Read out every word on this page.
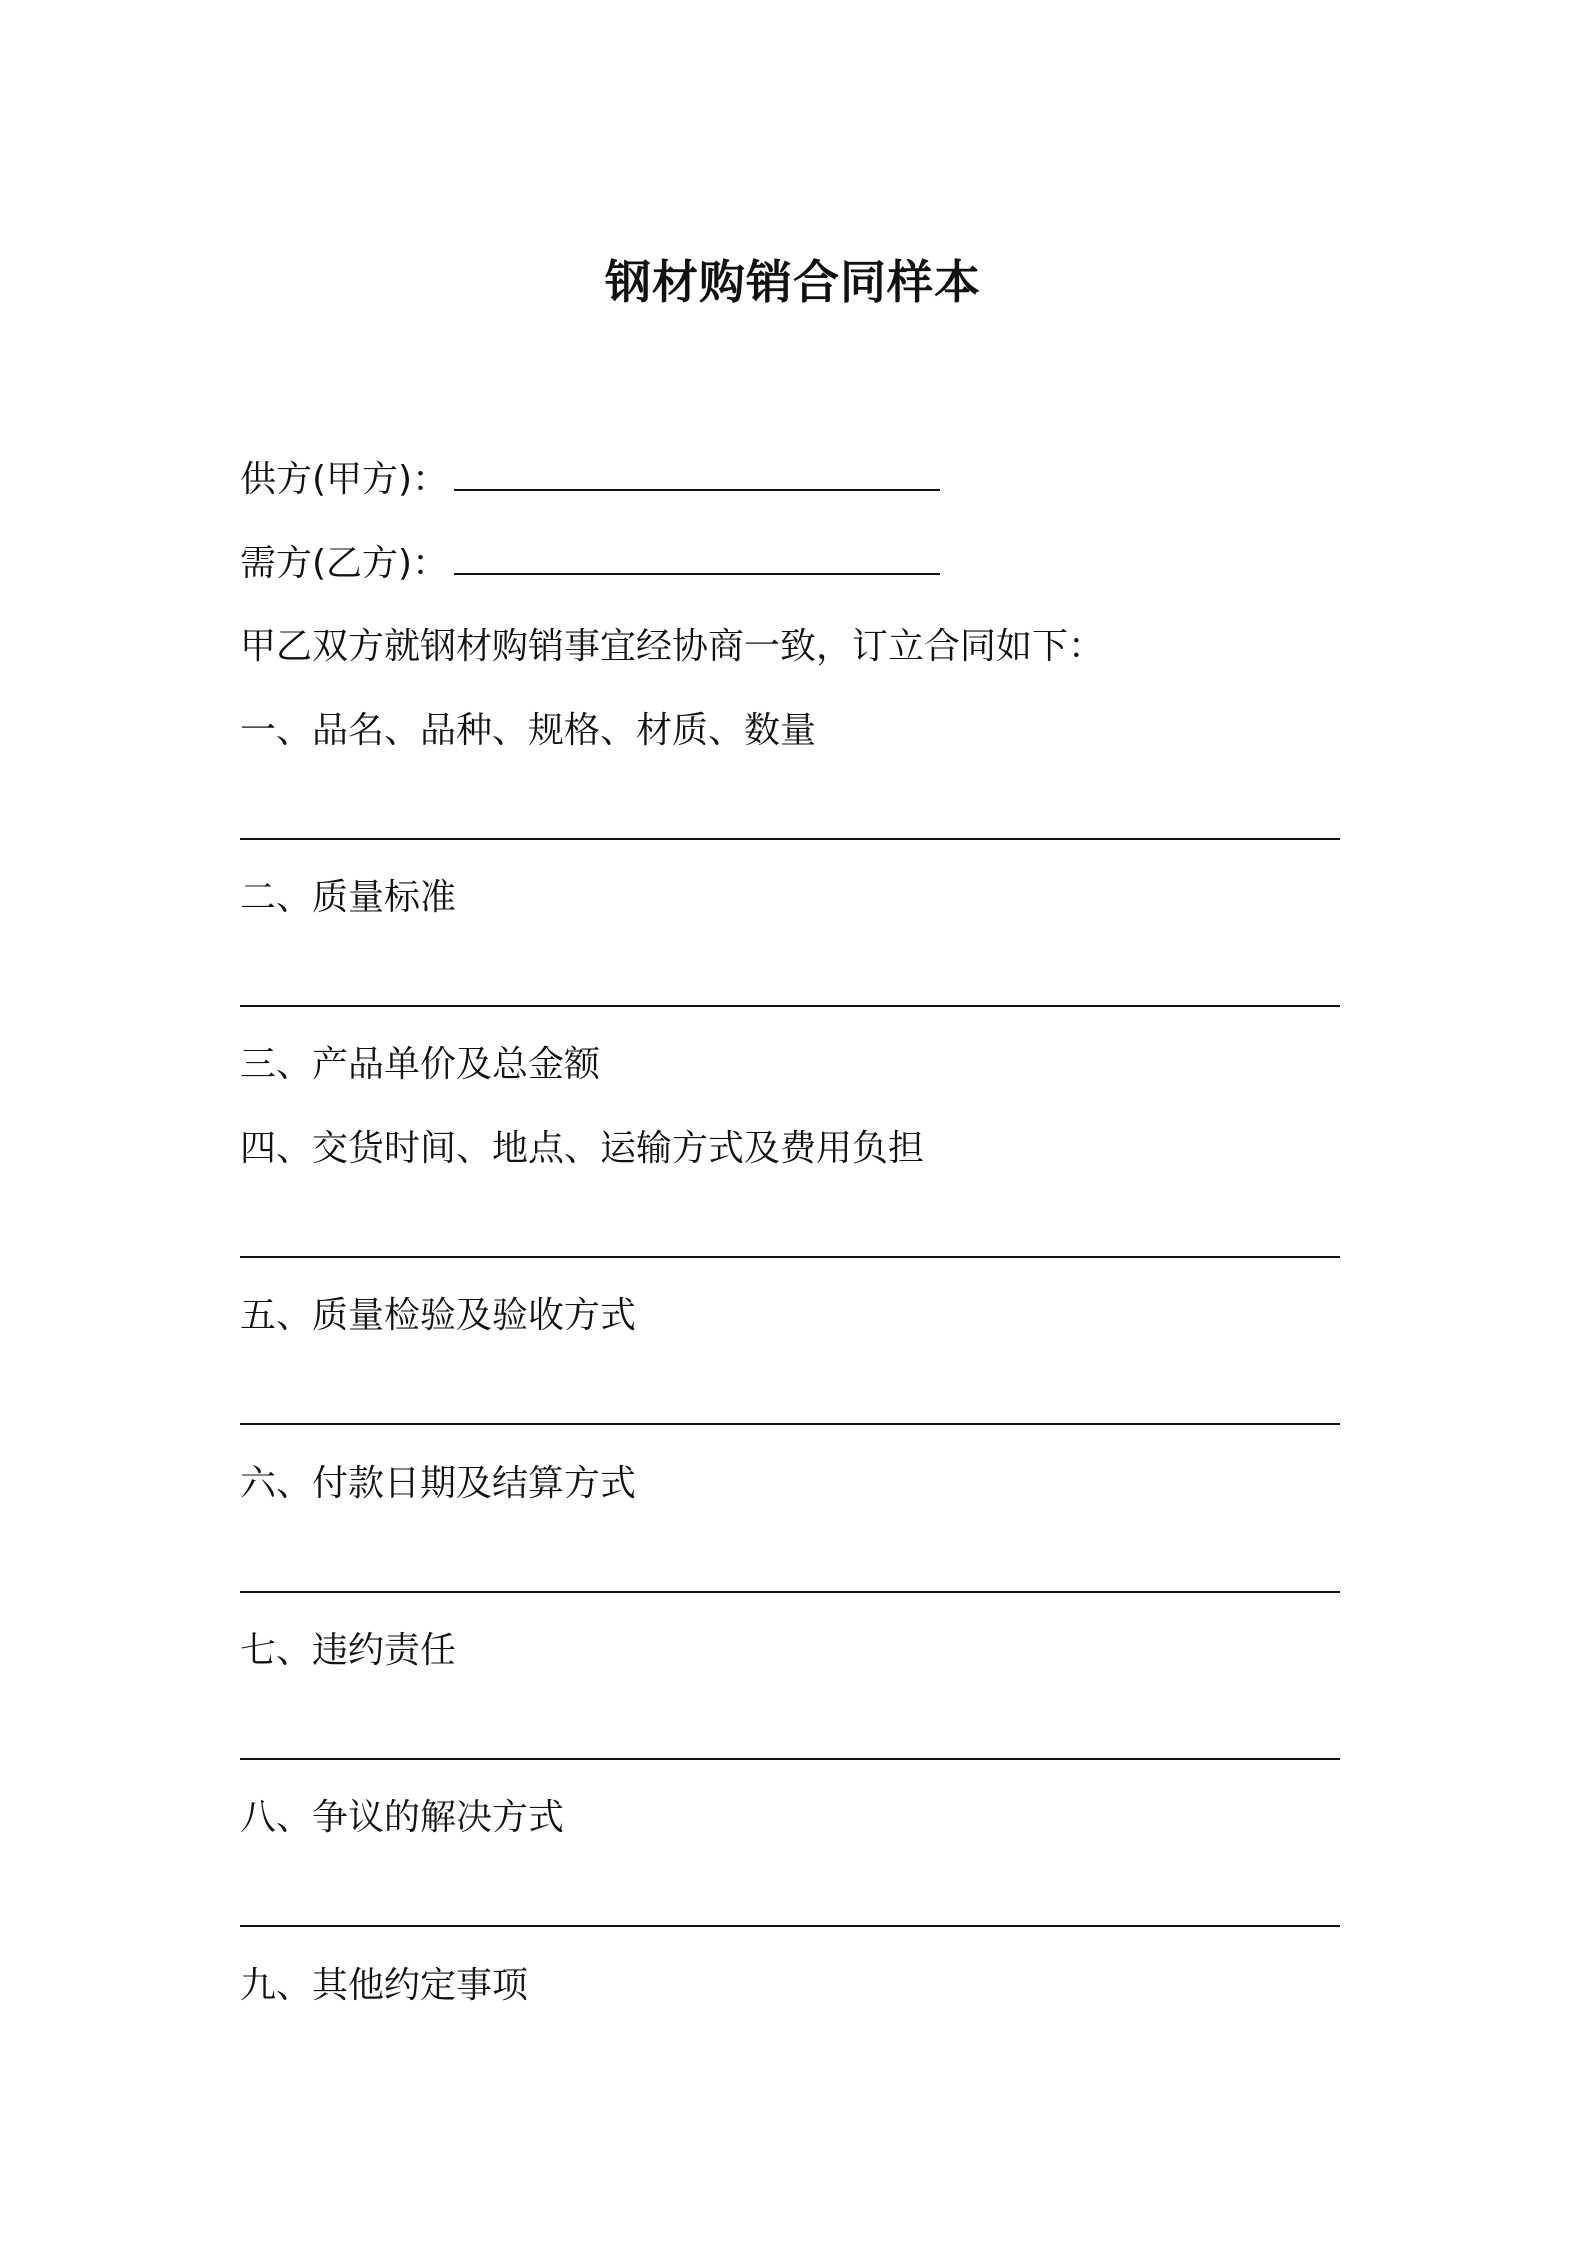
钢材购销合同样本
供方(甲方)：
需方(乙方)：
甲乙双方就钢材购销事宜经协商一致，订立合同如下：
一、品名、品种、规格、材质、数量
二、质量标准
三、产品单价及总金额
四、交货时间、地点、运输方式及费用负担
五、质量检验及验收方式
六、付款日期及结算方式
七、违约责任
八、争议的解决方式
九、其他约定事项
